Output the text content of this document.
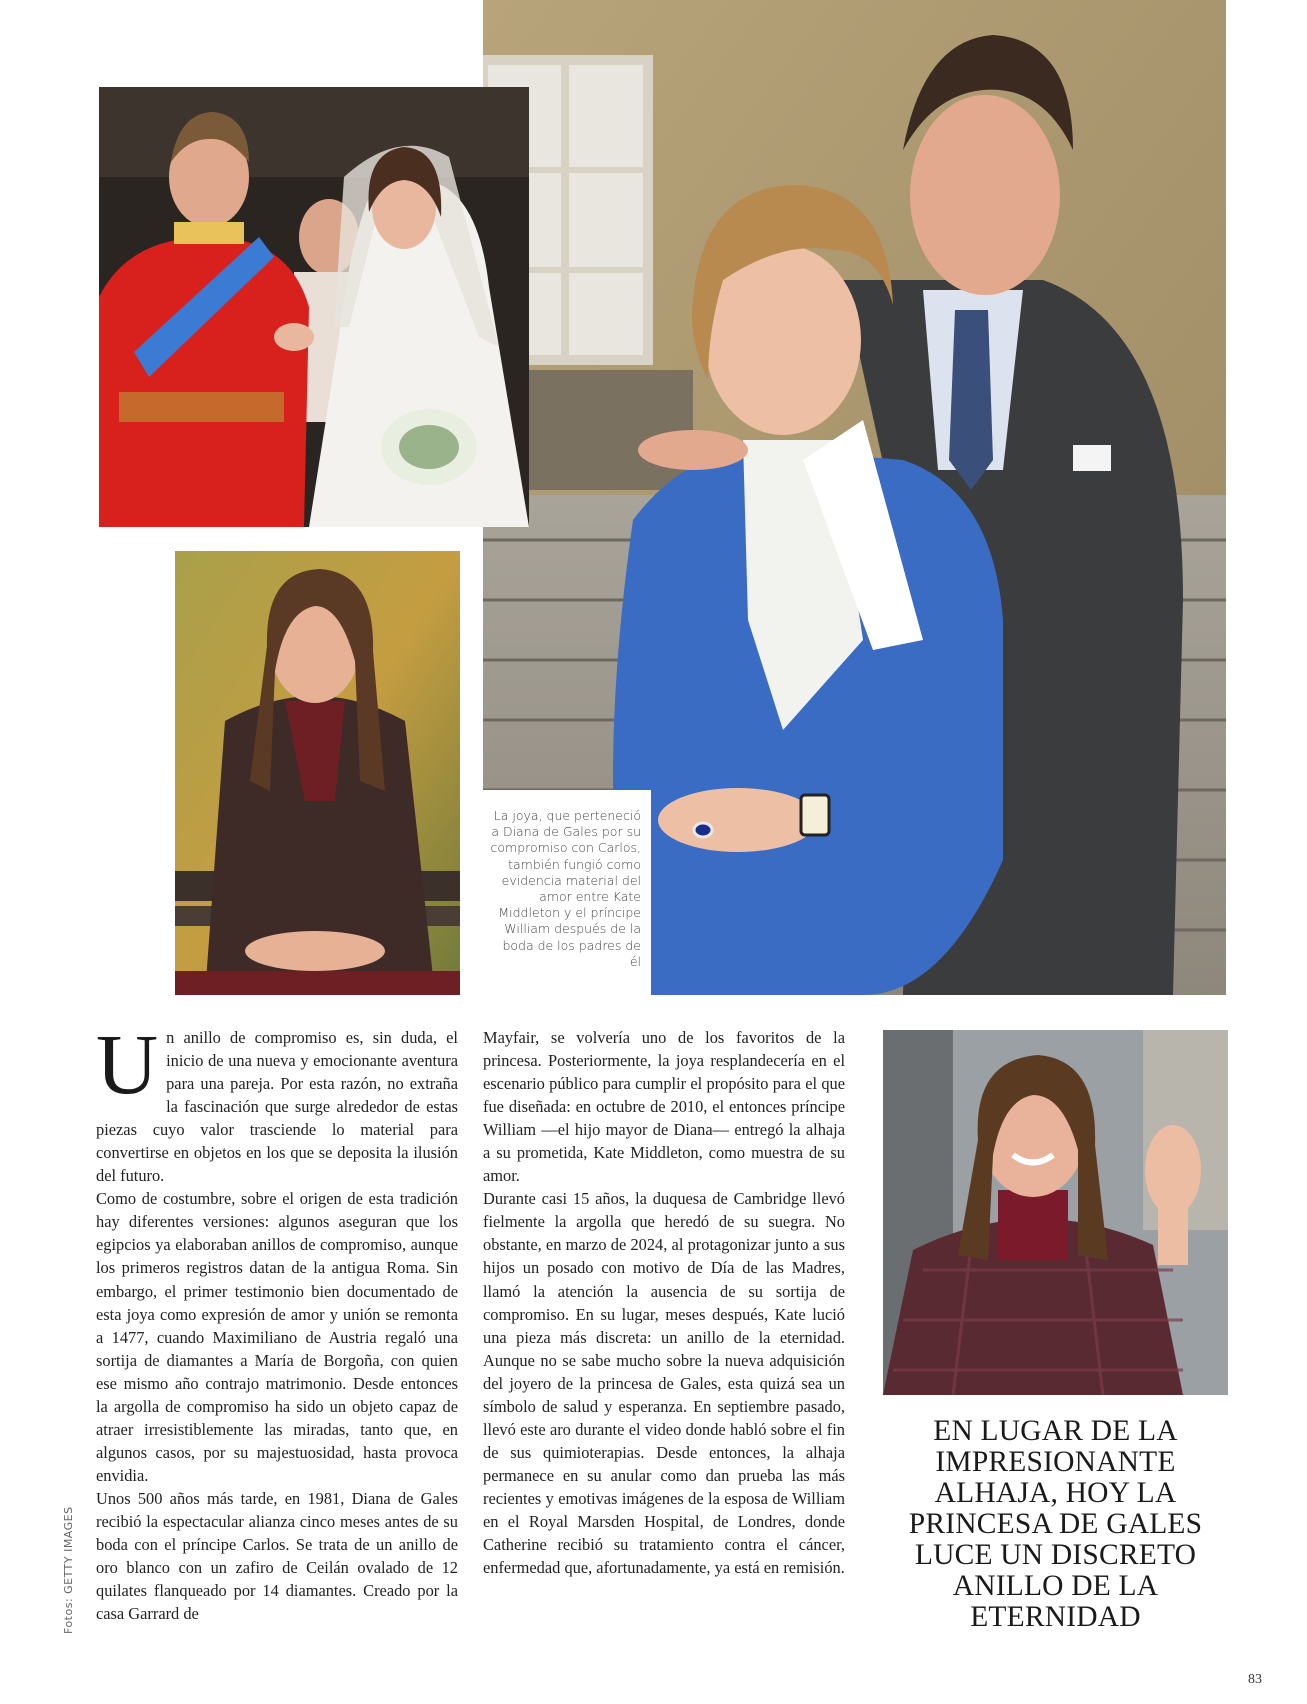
La joya, que perteneció a Diana de Gales por su compromiso con Carlos, también fungió como evidencia material del amor entre Kate Middleton y el príncipe William después de la boda de los padres de él

Un anillo de compromiso es, sin duda, el inicio de una nueva y emocionante aventura para una pareja. Por esta razón, no extraña la fascinación que surge alrededor de estas piezas cuyo valor trasciende lo material para convertirse en objetos en los que se deposita la ilusión del futuro.

Como de costumbre, sobre el origen de esta tradición hay diferentes versiones: algunos aseguran que los egipcios ya elaboraban anillos de compromiso, aunque los primeros registros datan de la antigua Roma. Sin embargo, el primer testimonio bien documentado de esta joya como expresión de amor y unión se remonta a 1477, cuando Maximiliano de Austria regaló una sortija de diamantes a María de Borgoña, con quien ese mismo año contrajo matrimonio. Desde entonces la argolla de compromiso ha sido un objeto capaz de atraer irresistiblemente las miradas, tanto que, en algunos casos, por su majestuosidad, hasta provoca envidia.

Unos 500 años más tarde, en 1981, Diana de Gales recibió la espectacular alianza cinco meses antes de su boda con el príncipe Carlos. Se trata de un anillo de oro blanco con un zafiro de Ceilán ovalado de 12 quilates flanqueado por 14 diamantes. Creado por la casa Garrard de

Mayfair, se volvería uno de los favoritos de la princesa. Posteriormente, la joya resplandecería en el escenario público para cumplir el propósito para el que fue diseñada: en octubre de 2010, el entonces príncipe William —el hijo mayor de Diana— entregó la alhaja a su prometida, Kate Middleton, como muestra de su amor.

Durante casi 15 años, la duquesa de Cambridge llevó fielmente la argolla que heredó de su suegra. No obstante, en marzo de 2024, al protagonizar junto a sus hijos un posado con motivo de Día de las Madres, llamó la atención la ausencia de su sortija de compromiso. En su lugar, meses después, Kate lució una pieza más discreta: un anillo de la eternidad. Aunque no se sabe mucho sobre la nueva adquisición del joyero de la princesa de Gales, esta quizá sea un símbolo de salud y esperanza. En septiembre pasado, llevó este aro durante el video donde habló sobre el fin de sus quimioterapias. Desde entonces, la alhaja permanece en su anular como dan prueba las más recientes y emotivas imágenes de la esposa de William en el Royal Marsden Hospital, de Londres, donde Catherine recibió su tratamiento contra el cáncer, enfermedad que, afortunadamente, ya está en remisión.

EN LUGAR DE LA IMPRESIONANTE ALHAJA, HOY LA PRINCESA DE GALES LUCE UN DISCRETO ANILLO DE LA ETERNIDAD
Fotos: GETTY IMAGES
83
